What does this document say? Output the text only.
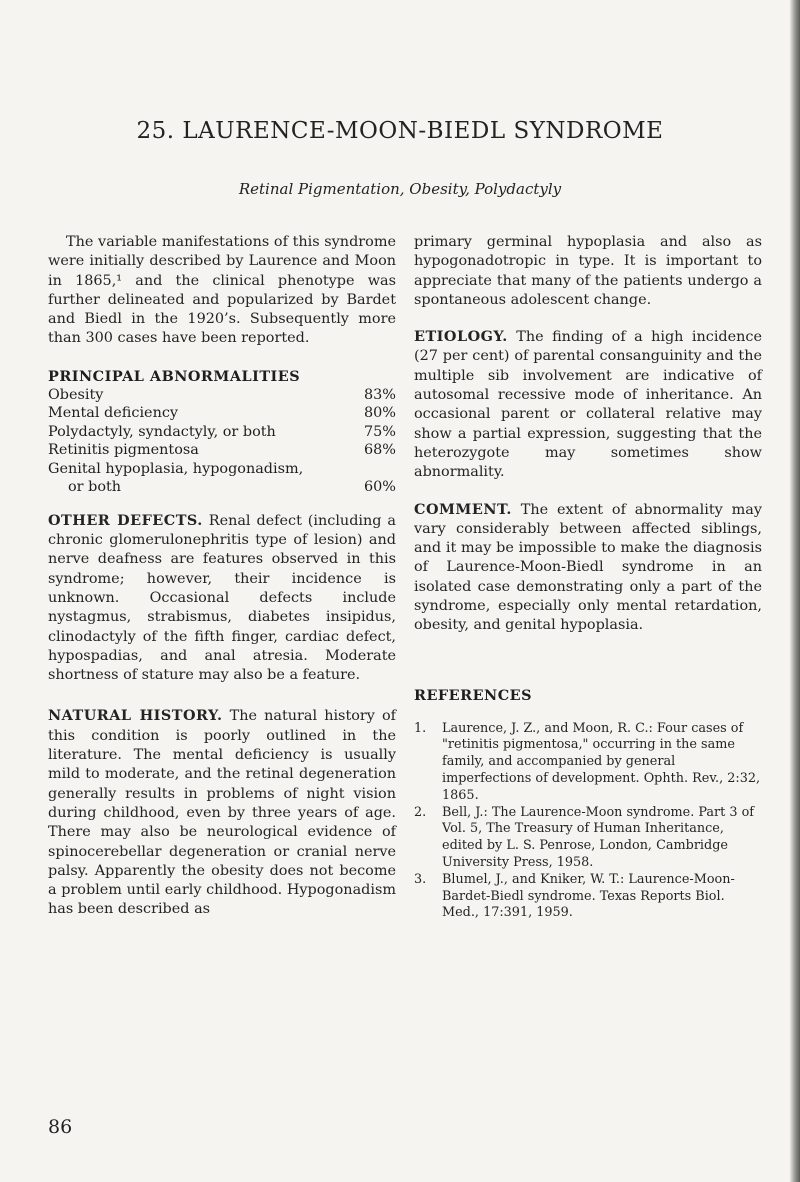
25. LAURENCE-MOON-BIEDL SYNDROME
Retinal Pigmentation, Obesity, Polydactyly

The variable manifestations of this syndrome were initially described by Laurence and Moon in 1865,¹ and the clinical phenotype was further delineated and popularized by Bardet and Biedl in the 1920’s. Subsequently more than 300 cases have been reported.

PRINCIPAL ABNORMALITIES
Obesity	83%
Mental deficiency	80%
Polydactyly, syndactyly, or both	75%
Retinitis pigmentosa	68%
Genital hypoplasia, hypogonadism,
or both	60%

OTHER DEFECTS. Renal defect (including a chronic glomerulonephritis type of lesion) and nerve deafness are features observed in this syndrome; however, their incidence is unknown. Occasional defects include nystagmus, strabismus, diabetes insipidus, clinodactyly of the fifth finger, cardiac defect, hypospadias, and anal atresia. Moderate shortness of stature may also be a feature.

NATURAL HISTORY. The natural history of this condition is poorly outlined in the literature. The mental deficiency is usually mild to moderate, and the retinal degeneration generally results in problems of night vision during childhood, even by three years of age. There may also be neurological evidence of spinocerebellar degeneration or cranial nerve palsy. Apparently the obesity does not become a problem until early childhood. Hypogonadism has been described as

primary germinal hypoplasia and also as hypogonadotropic in type. It is important to appreciate that many of the patients undergo a spontaneous adolescent change.

ETIOLOGY. The finding of a high incidence (27 per cent) of parental consanguinity and the multiple sib involvement are indicative of autosomal recessive mode of inheritance. An occasional parent or collateral relative may show a partial expression, suggesting that the heterozygote may sometimes show abnormality.

COMMENT. The extent of abnormality may vary considerably between affected siblings, and it may be impossible to make the diagnosis of Laurence-Moon-Biedl syndrome in an isolated case demonstrating only a part of the syndrome, especially only mental retardation, obesity, and genital hypoplasia.

REFERENCES
1. Laurence, J. Z., and Moon, R. C.: Four cases of "retinitis pigmentosa," occurring in the same family, and accompanied by general imperfections of development. Ophth. Rev., 2:32, 1865.
2. Bell, J.: The Laurence-Moon syndrome. Part 3 of Vol. 5, The Treasury of Human Inheritance, edited by L. S. Penrose, London, Cambridge University Press, 1958.
3. Blumel, J., and Kniker, W. T.: Laurence-Moon-Bardet-Biedl syndrome. Texas Reports Biol. Med., 17:391, 1959.
86
